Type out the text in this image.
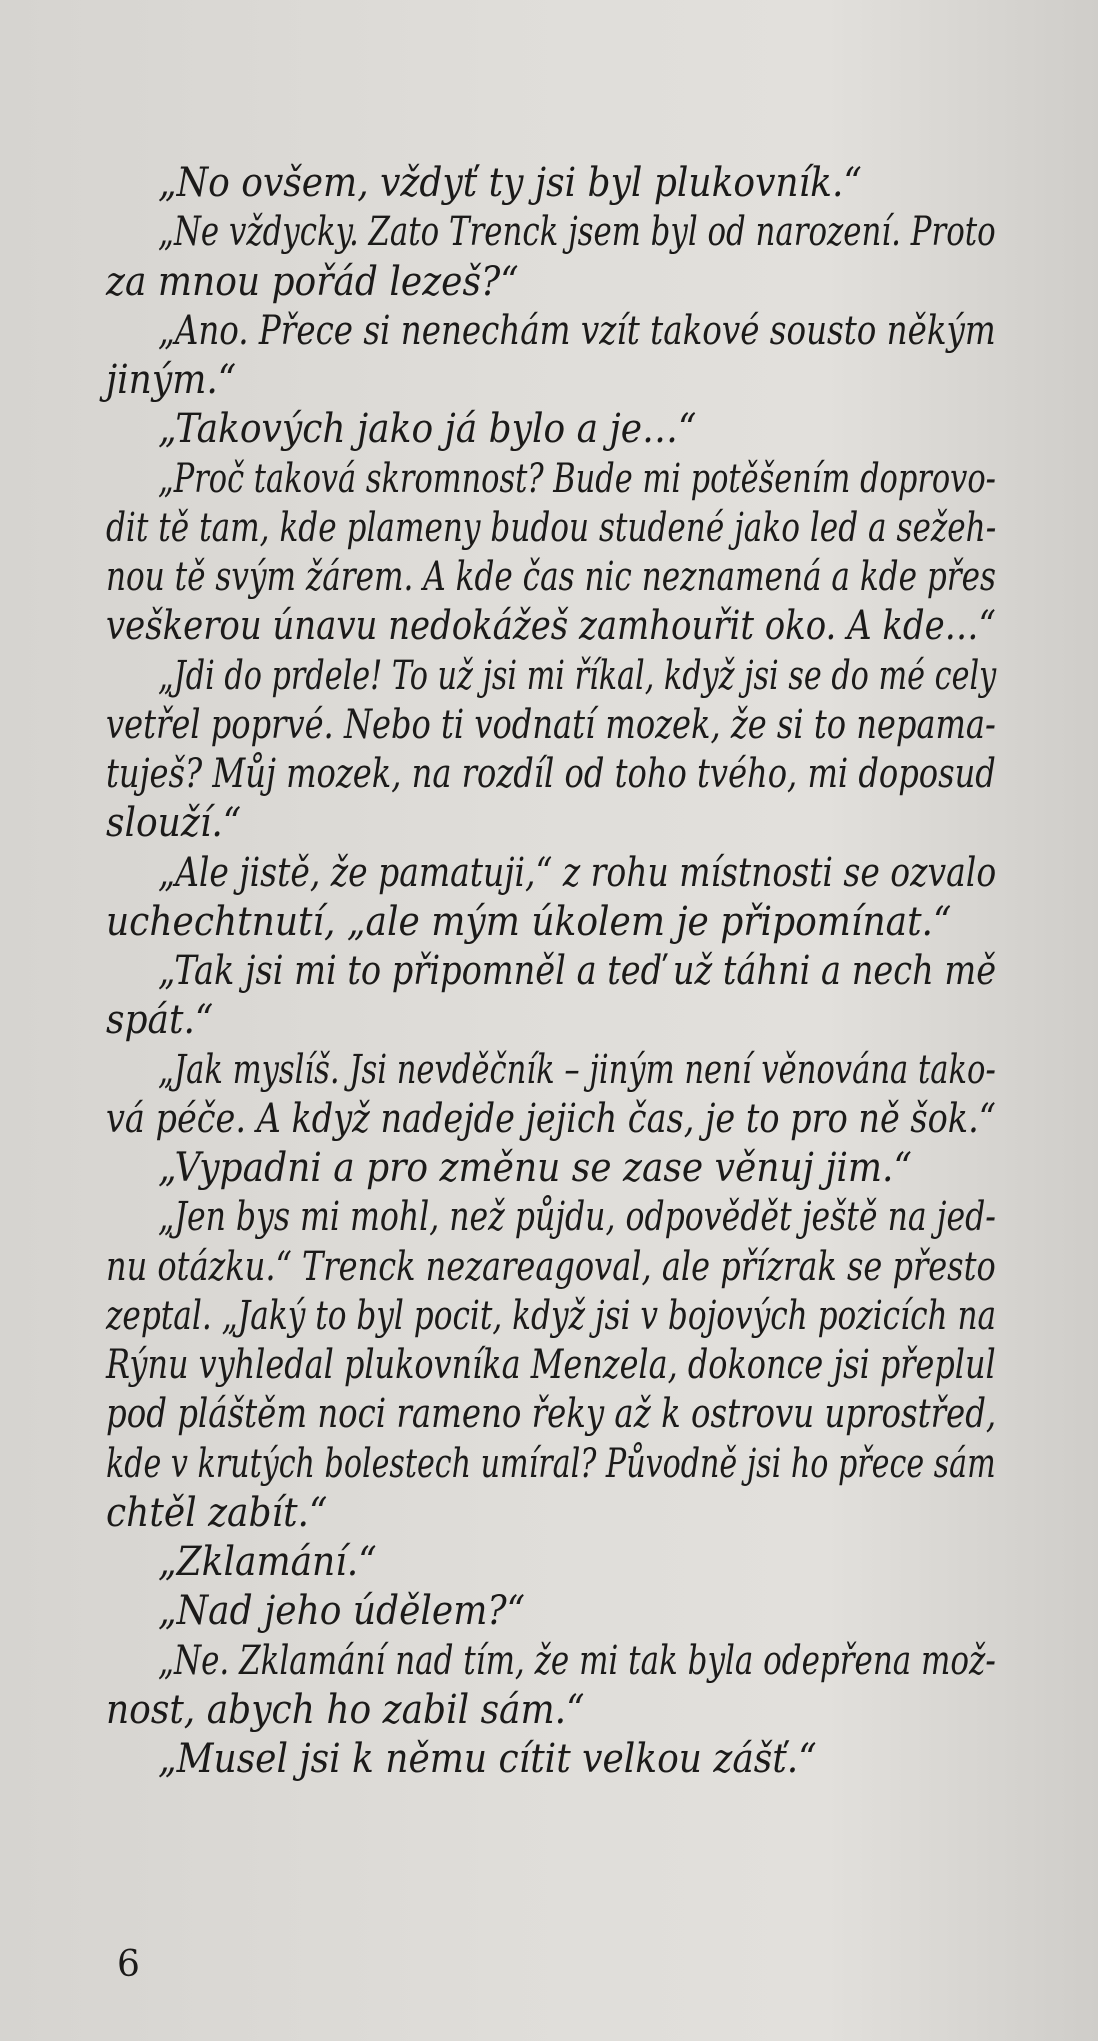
„No ovšem, vždyť ty jsi byl plukovník.“
„Ne vždycky. Zato Trenck jsem byl od narození. Proto
za mnou pořád lezeš?“
„Ano. Přece si nenechám vzít takové sousto někým
jiným.“
„Takových jako já bylo a je…“
„Proč taková skromnost? Bude mi potěšením doprovo-
dit tě tam, kde plameny budou studené jako led a sežeh-
nou tě svým žárem. A kde čas nic neznamená a kde přes
veškerou únavu nedokážeš zamhouřit oko. A kde…“
„Jdi do prdele! To už jsi mi říkal, když jsi se do mé cely
vetřel poprvé. Nebo ti vodnatí mozek, že si to nepama-
tuješ? Můj mozek, na rozdíl od toho tvého, mi doposud
slouží.“
„Ale jistě, že pamatuji,“ z rohu místnosti se ozvalo
uchechtnutí, „ale mým úkolem je připomínat.“
„Tak jsi mi to připomněl a teď už táhni a nech mě
spát.“
„Jak myslíš. Jsi nevděčník – jiným není věnována tako-
vá péče. A když nadejde jejich čas, je to pro ně šok.“
„Vypadni a pro změnu se zase věnuj jim.“
„Jen bys mi mohl, než půjdu, odpovědět ještě na jed-
nu otázku.“ Trenck nezareagoval, ale přízrak se přesto
zeptal. „Jaký to byl pocit, když jsi v bojových pozicích na
Rýnu vyhledal plukovníka Menzela, dokonce jsi přeplul
pod pláštěm noci rameno řeky až k ostrovu uprostřed,
kde v krutých bolestech umíral? Původně jsi ho přece sám
chtěl zabít.“
„Zklamání.“
„Nad jeho údělem?“
„Ne. Zklamání nad tím, že mi tak byla odepřena mož-
nost, abych ho zabil sám.“
„Musel jsi k němu cítit velkou zášť.“
6
